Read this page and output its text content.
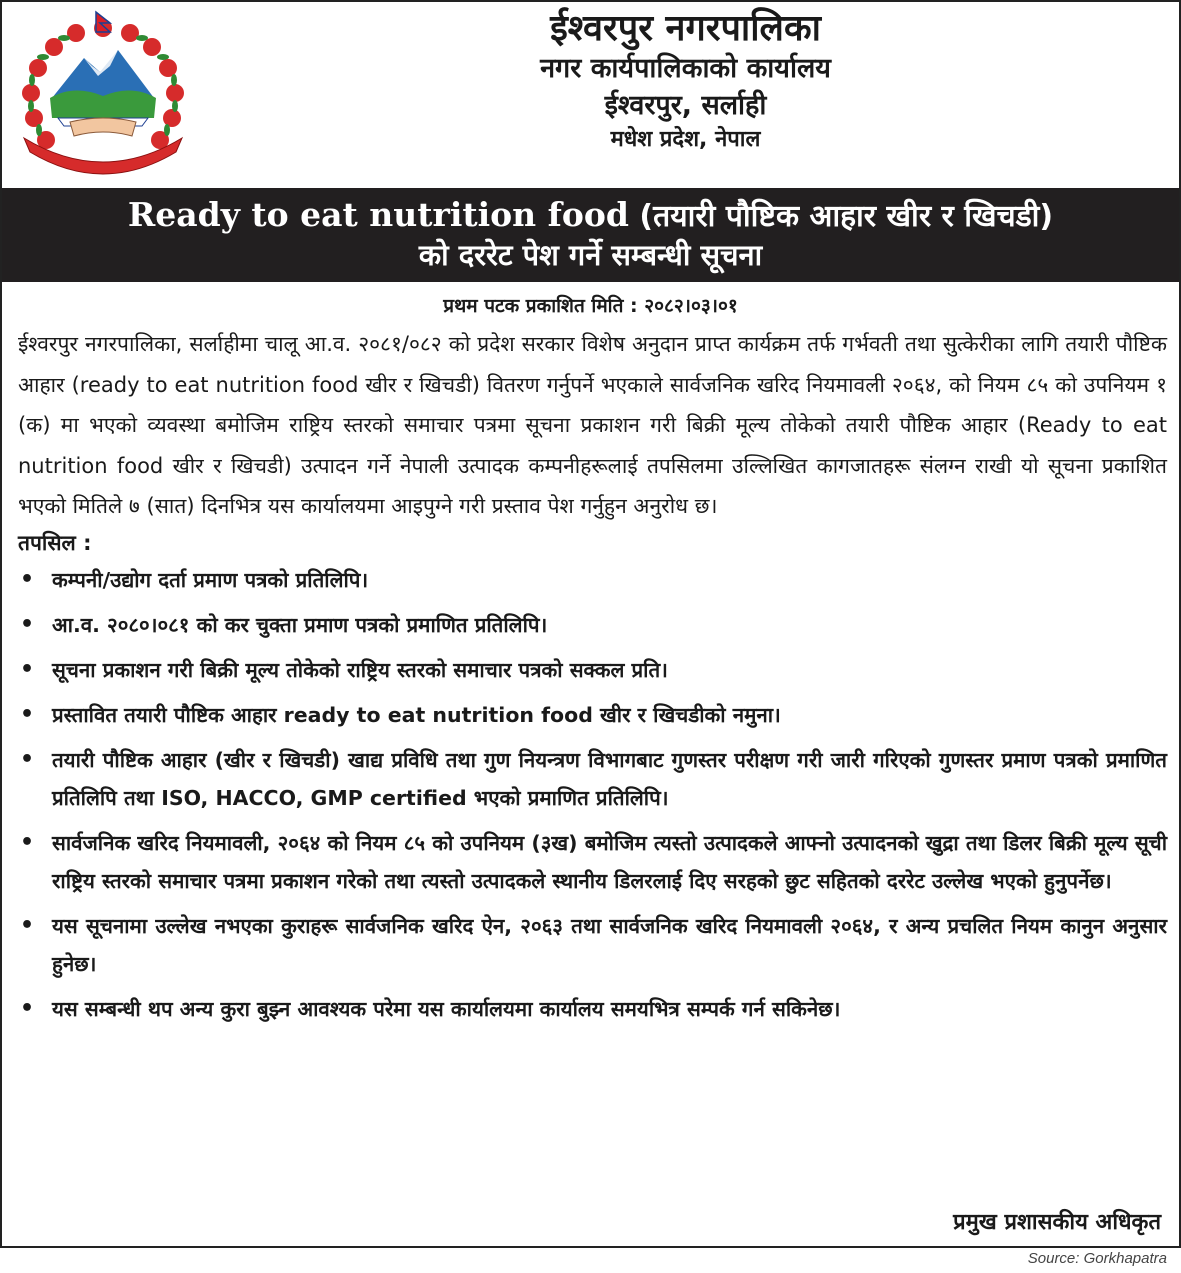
ईश्वरपुर नगरपालिका
नगर कार्यपालिकाको कार्यालय
ईश्वरपुर, सर्लाही
मधेश प्रदेश, नेपाल
Ready to eat nutrition food (तयारी पौष्टिक आहार खीर र खिचडी)
को दररेट पेश गर्ने सम्बन्धी सूचना
प्रथम पटक प्रकाशित मिति : २०८२।०३।०१
ईश्वरपुर नगरपालिका, सर्लाहीमा चालू आ.व. २०८१/०८२ को प्रदेश सरकार विशेष अनुदान प्राप्त कार्यक्रम तर्फ गर्भवती तथा सुत्केरीका लागि तयारी पौष्टिक आहार (ready to eat nutrition food खीर र खिचडी) वितरण गर्नुपर्ने भएकाले सार्वजनिक खरिद नियमावली २०६४, को नियम ८५ को उपनियम १ (क) मा भएको व्यवस्था बमोजिम राष्ट्रिय स्तरको समाचार पत्रमा सूचना प्रकाशन गरी बिक्री मूल्य तोकेको तयारी पौष्टिक आहार (Ready to eat nutrition food खीर र खिचडी) उत्पादन गर्ने नेपाली उत्पादक कम्पनीहरूलाई तपसिलमा उल्लिखित कागजातहरू संलग्न राखी यो सूचना प्रकाशित भएको मितिले ७ (सात) दिनभित्र यस कार्यालयमा आइपुग्ने गरी प्रस्ताव पेश गर्नुहुन अनुरोध छ।
तपसिल :
• कम्पनी/उद्योग दर्ता प्रमाण पत्रको प्रतिलिपि।
• आ.व. २०८०।०८१ को कर चुक्ता प्रमाण पत्रको प्रमाणित प्रतिलिपि।
• सूचना प्रकाशन गरी बिक्री मूल्य तोकेको राष्ट्रिय स्तरको समाचार पत्रको सक्कल प्रति।
• प्रस्तावित तयारी पौष्टिक आहार ready to eat nutrition food खीर र खिचडीको नमुना।
• तयारी पौष्टिक आहार (खीर र खिचडी) खाद्य प्रविधि तथा गुण नियन्त्रण विभागबाट गुणस्तर परीक्षण गरी जारी गरिएको गुणस्तर प्रमाण पत्रको प्रमाणित प्रतिलिपि तथा ISO, HACCO, GMP certified भएको प्रमाणित प्रतिलिपि।
• सार्वजनिक खरिद नियमावली, २०६४ को नियम ८५ को उपनियम (३ख) बमोजिम त्यस्तो उत्पादकले आफ्नो उत्पादनको खुद्रा तथा डिलर बिक्री मूल्य सूची राष्ट्रिय स्तरको समाचार पत्रमा प्रकाशन गरेको तथा त्यस्तो उत्पादकले स्थानीय डिलरलाई दिए सरहको छुट सहितको दररेट उल्लेख भएको हुनुपर्नेछ।
• यस सूचनामा उल्लेख नभएका कुराहरू सार्वजनिक खरिद ऐन, २०६३ तथा सार्वजनिक खरिद नियमावली २०६४, र अन्य प्रचलित नियम कानुन अनुसार हुनेछ।
• यस सम्बन्धी थप अन्य कुरा बुझ्न आवश्यक परेमा यस कार्यालयमा कार्यालय समयभित्र सम्पर्क गर्न सकिनेछ।
प्रमुख प्रशासकीय अधिकृत
Source: Gorkhapatra
